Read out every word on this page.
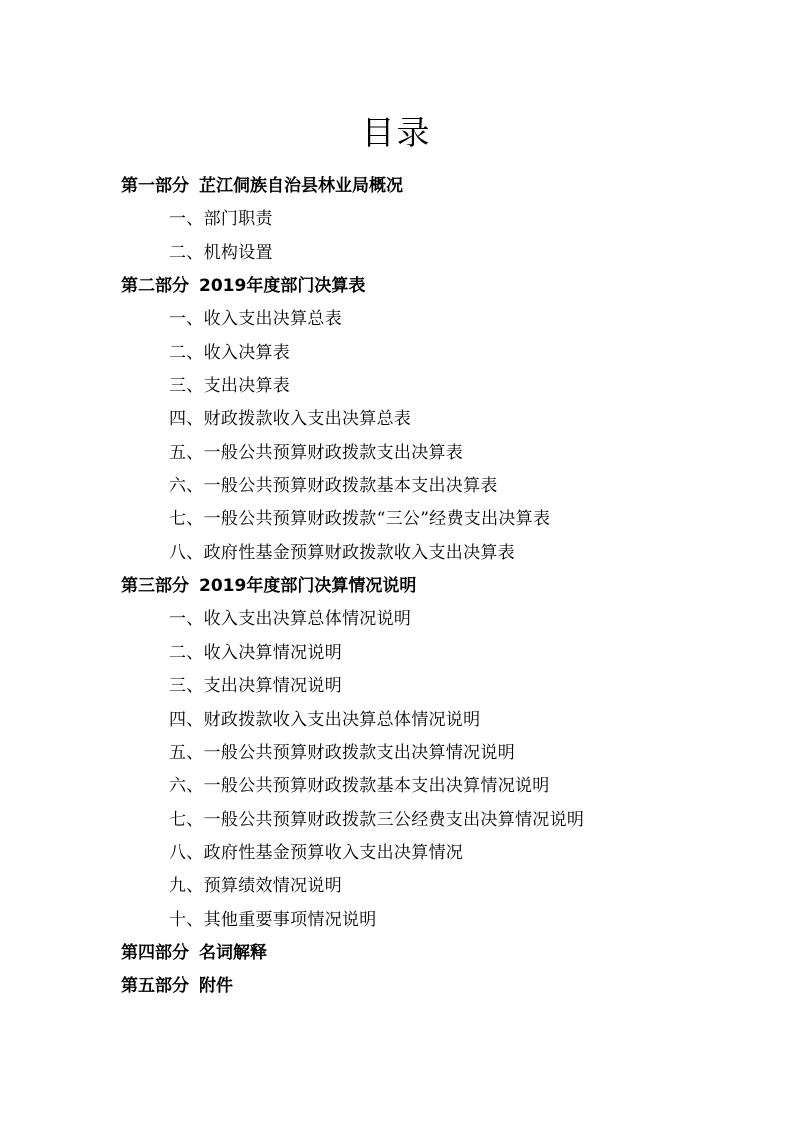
目录
第一部分 芷江侗族自治县林业局概况
一、部门职责
二、机构设置
第二部分 2019年度部门决算表
一、收入支出决算总表
二、收入决算表
三、支出决算表
四、财政拨款收入支出决算总表
五、一般公共预算财政拨款支出决算表
六、一般公共预算财政拨款基本支出决算表
七、一般公共预算财政拨款“三公”经费支出决算表
八、政府性基金预算财政拨款收入支出决算表
第三部分 2019年度部门决算情况说明
一、收入支出决算总体情况说明
二、收入决算情况说明
三、支出决算情况说明
四、财政拨款收入支出决算总体情况说明
五、一般公共预算财政拨款支出决算情况说明
六、一般公共预算财政拨款基本支出决算情况说明
七、一般公共预算财政拨款三公经费支出决算情况说明
八、政府性基金预算收入支出决算情况
九、预算绩效情况说明
十、其他重要事项情况说明
第四部分 名词解释
第五部分 附件
